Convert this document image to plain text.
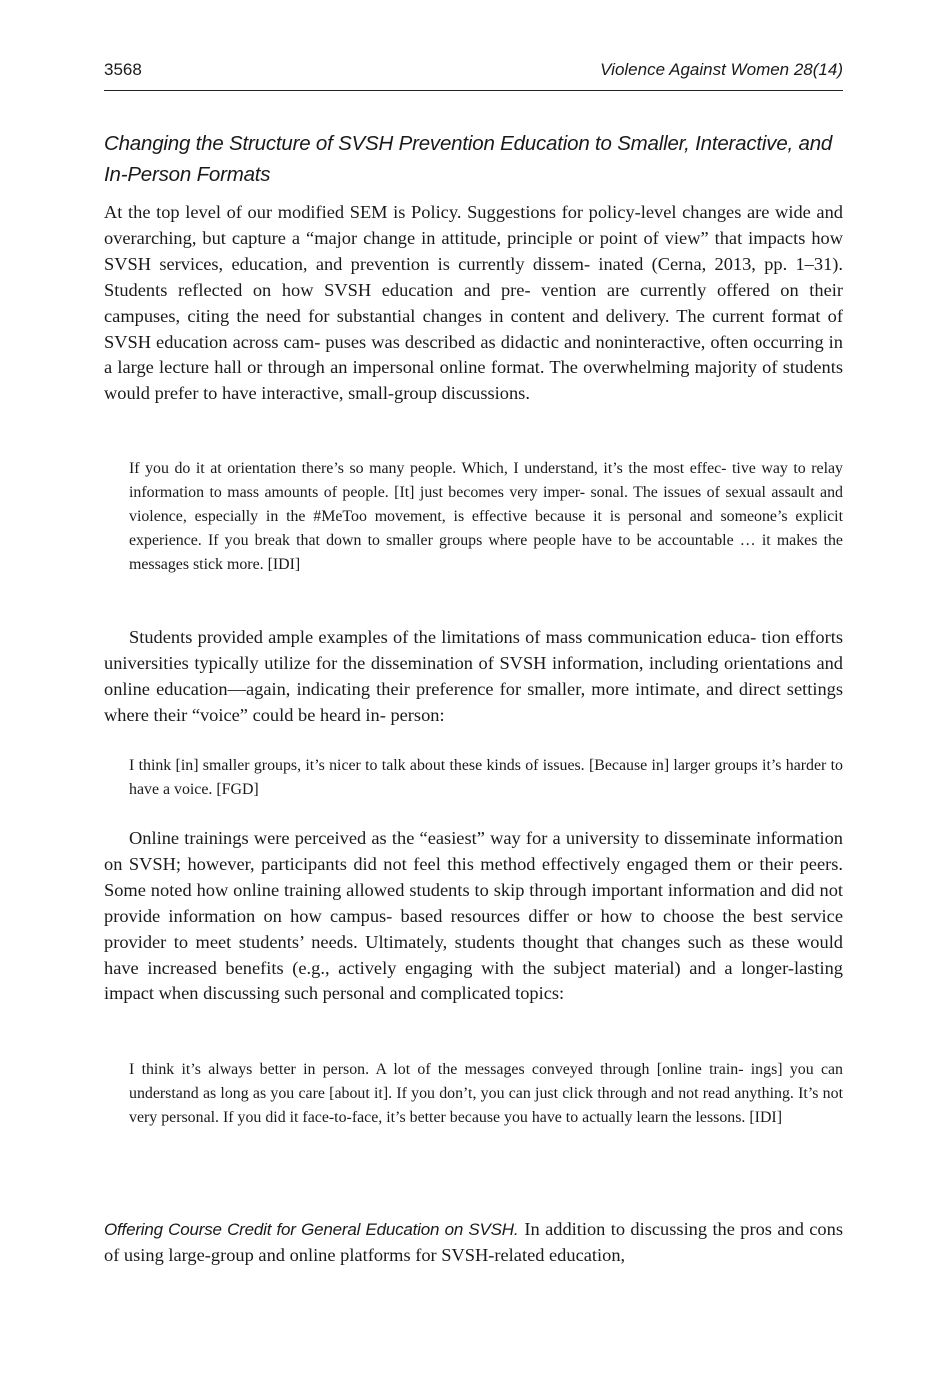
3568	Violence Against Women 28(14)
Changing the Structure of SVSH Prevention Education to Smaller, Interactive, and In-Person Formats

At the top level of our modified SEM is Policy. Suggestions for policy-level changes are wide and overarching, but capture a “major change in attitude, principle or point of view” that impacts how SVSH services, education, and prevention is currently dissem- inated (Cerna, 2013, pp. 1–31). Students reflected on how SVSH education and pre- vention are currently offered on their campuses, citing the need for substantial changes in content and delivery. The current format of SVSH education across cam- puses was described as didactic and noninteractive, often occurring in a large lecture hall or through an impersonal online format. The overwhelming majority of students would prefer to have interactive, small-group discussions.

If you do it at orientation there’s so many people. Which, I understand, it’s the most effec- tive way to relay information to mass amounts of people. [It] just becomes very imper- sonal. The issues of sexual assault and violence, especially in the #MeToo movement, is effective because it is personal and someone’s explicit experience. If you break that down to smaller groups where people have to be accountable … it makes the messages stick more. [IDI]

Students provided ample examples of the limitations of mass communication educa- tion efforts universities typically utilize for the dissemination of SVSH information, including orientations and online education—again, indicating their preference for smaller, more intimate, and direct settings where their “voice” could be heard in- person:

I think [in] smaller groups, it’s nicer to talk about these kinds of issues. [Because in] larger groups it’s harder to have a voice. [FGD]

Online trainings were perceived as the “easiest” way for a university to disseminate information on SVSH; however, participants did not feel this method effectively engaged them or their peers. Some noted how online training allowed students to skip through important information and did not provide information on how campus- based resources differ or how to choose the best service provider to meet students’ needs. Ultimately, students thought that changes such as these would have increased benefits (e.g., actively engaging with the subject material) and a longer-lasting impact when discussing such personal and complicated topics:

I think it’s always better in person. A lot of the messages conveyed through [online train- ings] you can understand as long as you care [about it]. If you don’t, you can just click through and not read anything. It’s not very personal. If you did it face-to-face, it’s better because you have to actually learn the lessons. [IDI]

Offering Course Credit for General Education on SVSH. In addition to discussing the pros and cons of using large-group and online platforms for SVSH-related education,
